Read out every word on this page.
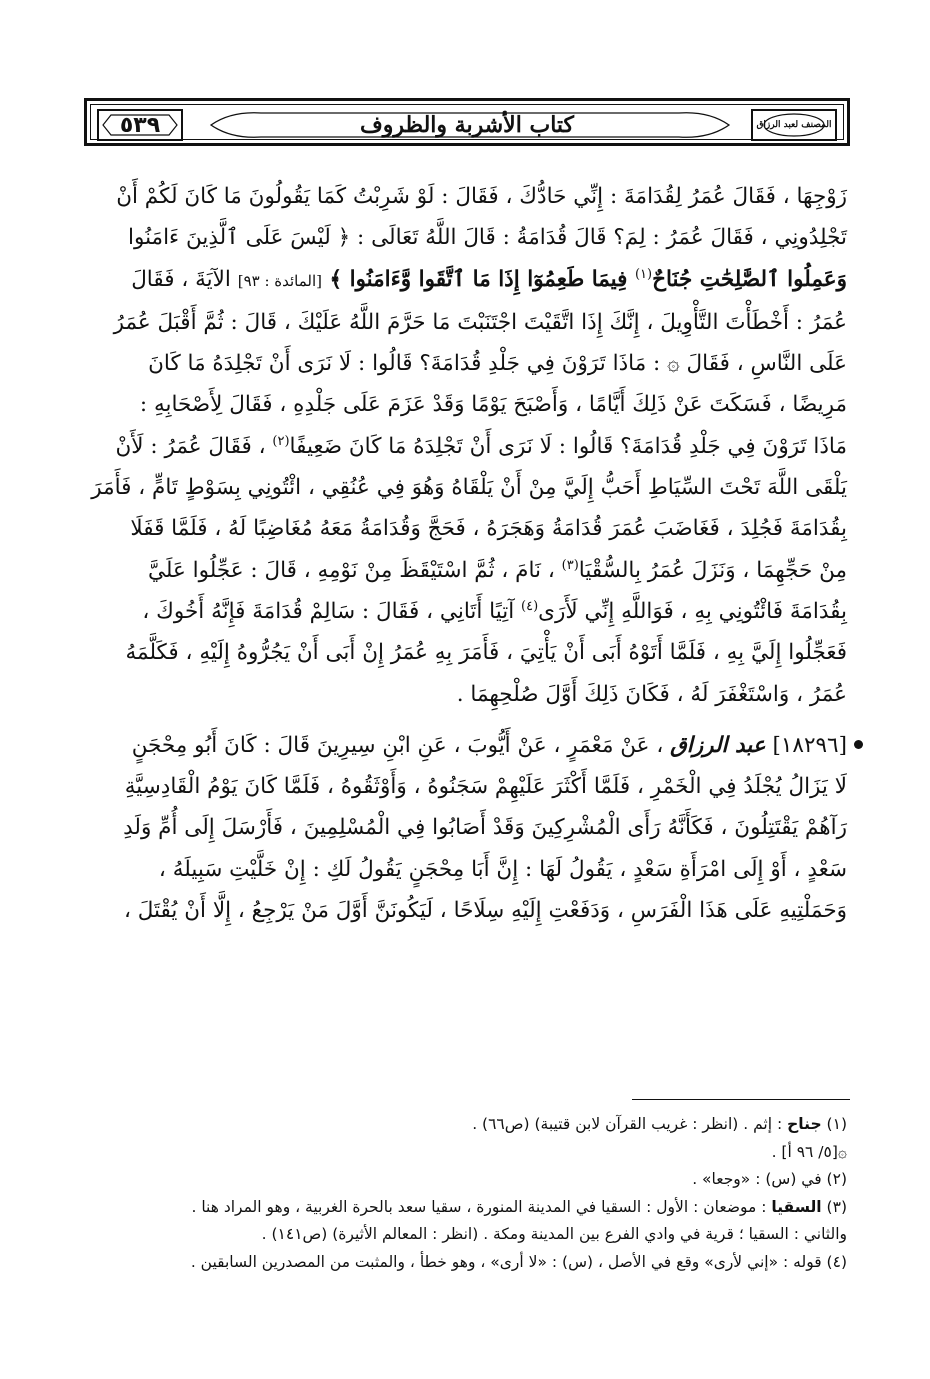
٥٣٩	كتاب الأشربة والظروف	المصنف لعبد الرزاق

زَوْجِهَا ، فَقَالَ عُمَرُ لِقُدَامَةَ : إِنِّي حَادُّكَ ، فَقَالَ : لَوْ شَرِبْتُ كَمَا يَقُولُونَ مَا كَانَ لَكُمْ أَنْ
تَجْلِدُونِي ، فَقَالَ عُمَرُ : لِمَ؟ قَالَ قُدَامَةُ : قَالَ اللَّهُ تَعَالَى : ﴿ لَيْسَ عَلَى ٱلَّذِينَ ءَامَنُوا
وَعَمِلُوا ٱلصَّٰلِحَٰتِ جُنَاحٌ$^{(١)}$ فِيمَا طَعِمُوٓا إِذَا مَا ٱتَّقَوا وَّءَامَنُوا ﴾ [المائدة : ٩٣] الآيَةَ ، فَقَالَ
عُمَرُ : أَخْطَأْتَ التَّأْوِيلَ ، إِنَّكَ إِذَا اتَّقَيْتَ اجْتَنَبْتَ مَا حَرَّمَ اللَّهُ عَلَيْكَ ، قَالَ : ثُمَّ أَقْبَلَ عُمَرُ
عَلَى النَّاسِ ، فَقَالَ ۞ : مَاذَا تَرَوْنَ فِي جَلْدِ قُدَامَةَ؟ قَالُوا : لَا نَرَى أَنْ تَجْلِدَهُ مَا كَانَ
مَرِيضًا ، فَسَكَتَ عَنْ ذَلِكَ أَيَّامًا ، وَأَصْبَحَ يَوْمًا وَقَدْ عَزَمَ عَلَى جَلْدِهِ ، فَقَالَ لِأَصْحَابِهِ :
مَاذَا تَرَوْنَ فِي جَلْدِ قُدَامَةَ؟ قَالُوا : لَا نَرَى أَنْ تَجْلِدَهُ مَا كَانَ ضَعِيفًا$^{(٢)}$ ، فَقَالَ عُمَرُ : لَأَنْ
يَلْقَى اللَّهَ تَحْتَ السِّيَاطِ أَحَبُّ إِلَيَّ مِنْ أَنْ يَلْقَاهُ وَهُوَ فِي عُنُقِي ، ائْتُونِي بِسَوْطٍ تَامٍّ ، فَأَمَرَ
بِقُدَامَةَ فَجُلِدَ ، فَغَاضَبَ عُمَرَ قُدَامَةُ وَهَجَرَهُ ، فَحَجَّ وَقُدَامَةُ مَعَهُ مُغَاضِبًا لَهُ ، فَلَمَّا قَفَلَا
مِنْ حَجِّهِمَا ، وَنَزَلَ عُمَرُ بِالسُّقْيَا$^{(٣)}$ ، نَامَ ، ثُمَّ اسْتَيْقَظَ مِنْ نَوْمِهِ ، قَالَ : عَجِّلُوا عَلَيَّ
بِقُدَامَةَ فَائْتُونِي بِهِ ، فَوَاللَّهِ إِنِّي لَأَرَى$^{(٤)}$ آتِيًا أَتَانِي ، فَقَالَ : سَالِمْ قُدَامَةَ فَإِنَّهُ أَخُوكَ ،
فَعَجِّلُوا إِلَيَّ بِهِ ، فَلَمَّا أَتَوْهُ أَبَى أَنْ يَأْتِيَ ، فَأَمَرَ بِهِ عُمَرُ إِنْ أَبَى أَنْ يَجُرُّوهُ إِلَيْهِ ، فَكَلَّمَهُ
عُمَرُ ، وَاسْتَغْفَرَ لَهُ ، فَكَانَ ذَلِكَ أَوَّلَ صُلْحِهِمَا .

[١٨٢٩٦] عبد الرزاق ، عَنْ مَعْمَرٍ ، عَنْ أَيُّوبَ ، عَنِ ابْنِ سِيرِينَ قَالَ : كَانَ أَبُو مِحْجَنٍ
لَا يَزَالُ يُجْلَدُ فِي الْخَمْرِ ، فَلَمَّا أَكْثَرَ عَلَيْهِمْ سَجَنُوهُ ، وَأَوْثَقُوهُ ، فَلَمَّا كَانَ يَوْمُ الْقَادِسِيَّةِ
رَآهُمْ يَقْتَتِلُونَ ، فَكَأَنَّهُ رَأَى الْمُشْرِكِينَ وَقَدْ أَصَابُوا فِي الْمُسْلِمِينَ ، فَأَرْسَلَ إِلَى أُمِّ وَلَدِ
سَعْدٍ ، أَوْ إِلَى امْرَأَةِ سَعْدٍ ، يَقُولُ لَهَا : إِنَّ أَبَا مِحْجَنٍ يَقُولُ لَكِ : إِنْ خَلَّيْتِ سَبِيلَهُ ،
وَحَمَلْتِيهِ عَلَى هَذَا الْفَرَسِ ، وَدَفَعْتِ إِلَيْهِ سِلَاحًا ، لَيَكُونَنَّ أَوَّلَ مَنْ يَرْجِعُ ، إِلَّا أَنْ يُقْتَلَ ،

(١) جناح : إثم . (انظر : غريب القرآن لابن قتيبة) (ص٦٦) .

۞[٥/ ٩٦ أ] .

(٢) في (س) : «وجعا» .

(٣) السقيا : موضعان : الأول : السقيا في المدينة المنورة ، سقيا سعد بالحرة الغربية ، وهو المراد هنا .

والثاني : السقيا ؛ قرية في وادي الفرع بين المدينة ومكة . (انظر : المعالم الأثيرة) (ص١٤١) .

(٤) قوله : «إني لأرى» وقع في الأصل ، (س) : «لا أرى» ، وهو خطأ ، والمثبت من المصدرين السابقين .
